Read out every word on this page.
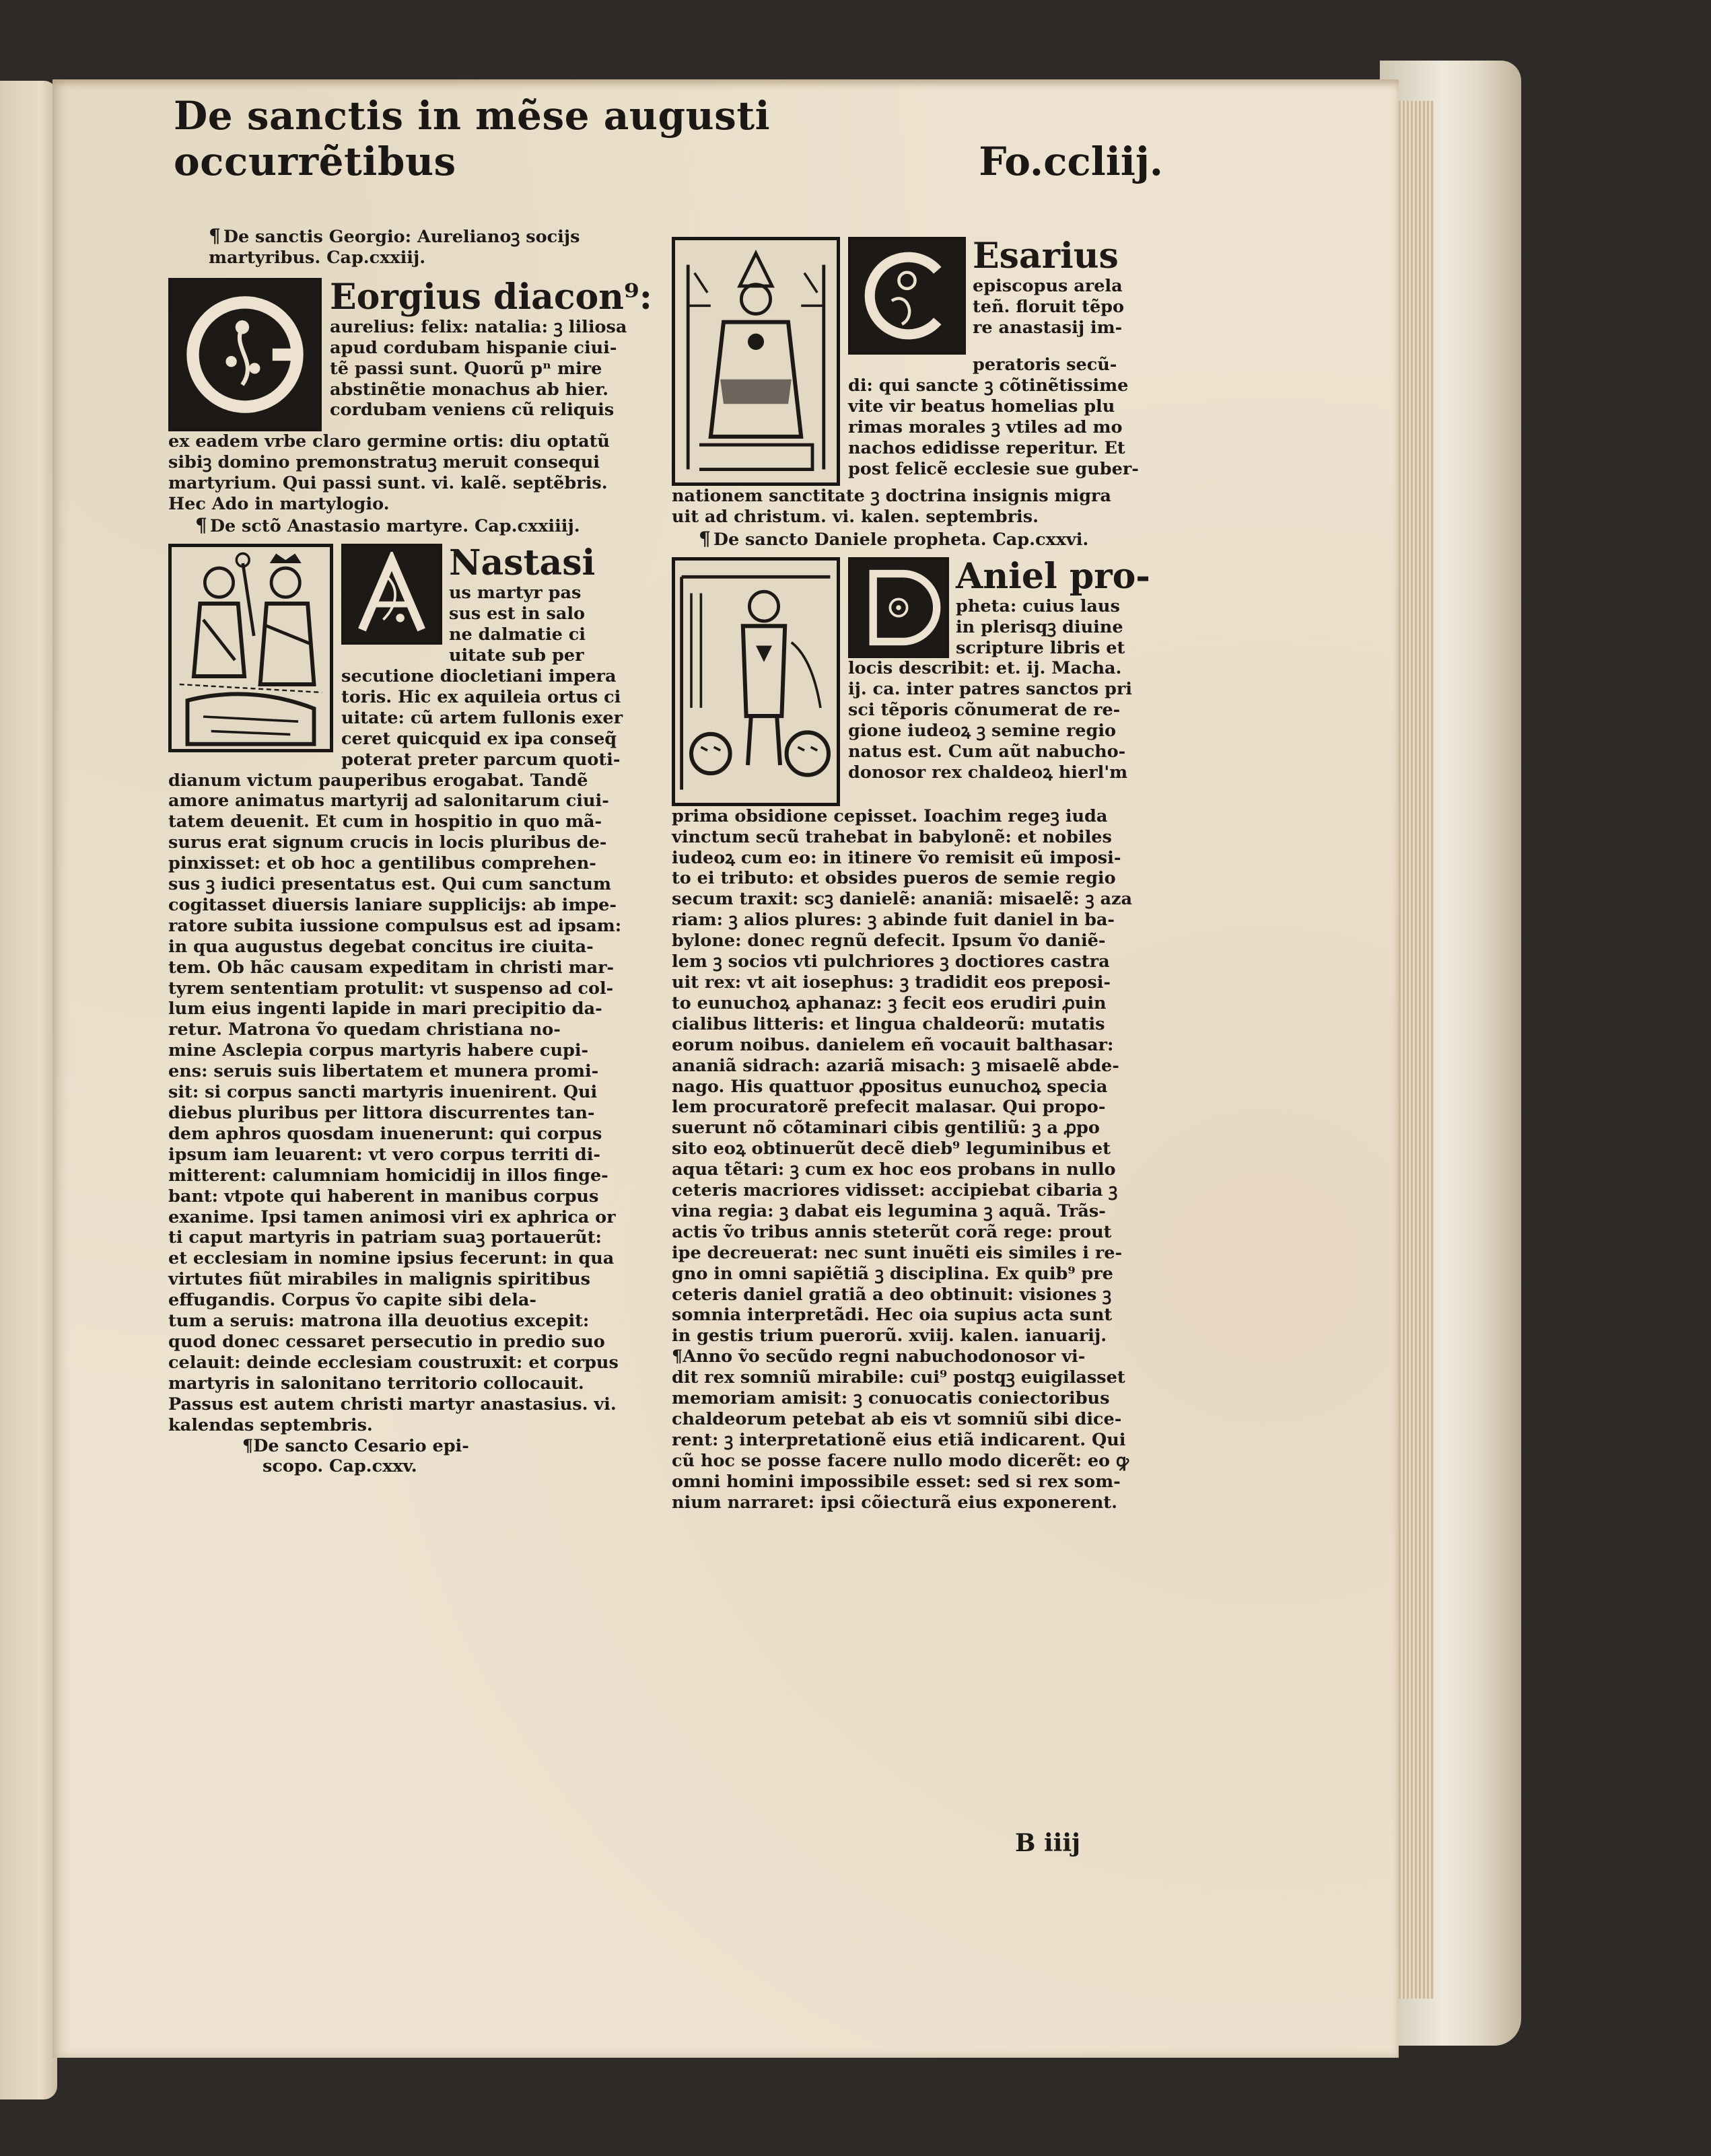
De sanctis in mẽse augusti occurrẽtibus	Fo.ccliij.

¶ De sanctis Georgio: Aurelianoꝫ socijs martyribus. Cap.cxxiij.

Eorgius diacon⁹:
aurelius: felix: natalia: ꝫ liliosa
apud cordubam hispanie ciui-
tẽ passi sunt. Quorũ pⁿ mire
abstinẽtie monachus ab hier.
cordubam veniens cũ reliquis
ex eadem vrbe claro germine ortis: diu optatũ
sibiꝫ domino premonstratuꝫ meruit consequi
martyrium. Qui passi sunt. vi. kalẽ. septẽbris.
Hec Ado in martylogio.

¶ De sctõ Anastasio martyre. Cap.cxxiiij.

Nastasi
us martyr pas
sus est in salo
ne dalmatie ci
uitate sub per
secutione diocletiani impera
toris. Hic ex aquileia ortus ci
uitate: cũ artem fullonis exer
ceret quicquid ex ipa conseq̃
poterat preter parcum quoti-
dianum victum pauperibus erogabat. Tandẽ
amore animatus martyrij ad salonitarum ciui-
tatem deuenit. Et cum in hospitio in quo mã-
surus erat signum crucis in locis pluribus de-
pinxisset: et ob hoc a gentilibus comprehen-
sus ꝫ iudici presentatus est. Qui cum sanctum
cogitasset diuersis laniare supplicijs: ab impe-
ratore subita iussione compulsus est ad ipsam:
in qua augustus degebat concitus ire ciuita-
tem. Ob hãc causam expeditam in christi mar-
tyrem sententiam protulit: vt suspenso ad col-
lum eius ingenti lapide in mari precipitio da-
retur. Matrona ṽo quedam christiana no-
mine Asclepia corpus martyris habere cupi-
ens: seruis suis libertatem et munera promi-
sit: si corpus sancti martyris inuenirent. Qui
diebus pluribus per littora discurrentes tan-
dem aphros quosdam inuenerunt: qui corpus
ipsum iam leuarent: vt vero corpus territi di-
mitterent: calumniam homicidij in illos finge-
bant: vtpote qui haberent in manibus corpus
exanime. Ipsi tamen animosi viri ex aphrica or
ti caput martyris in patriam suaꝫ portauerũt:
et ecclesiam in nomine ipsius fecerunt: in qua
virtutes fiũt mirabiles in malignis spiritibus
effugandis. Corpus ṽo capite sibi dela-
tum a seruis: matrona illa deuotius excepit:
quod donec cessaret persecutio in predio suo
celauit: deinde ecclesiam coustruxit: et corpus
martyris in salonitano territorio collocauit.
Passus est autem christi martyr anastasius. vi.
kalendas septembris.
¶De sancto Cesario epi-
scopo. Cap.cxxv.
Esarius
episcopus arela
teñ. floruit tẽpo
re anastasij im-
peratoris secũ-
di: qui sancte ꝫ cõtinẽtissime
vite vir beatus homelias plu
rimas morales ꝫ vtiles ad mo
nachos edidisse reperitur. Et
post felicẽ ecclesie sue guber-
nationem sanctitate ꝫ doctrina insignis migra
uit ad christum. vi. kalen. septembris.

¶ De sancto Daniele propheta. Cap.cxxvi.

Aniel pro-
pheta: cuius laus
in plerisqꝫ diuine
scripture libris et
locis describit: et. ij. Macha.
ij. ca. inter patres sanctos pri
sci tẽporis cõnumerat de re-
gione iudeoꝝ ꝫ semine regio
natus est. Cum aũt nabucho-
donosor rex chaldeoꝝ hierl'm
prima obsidione cepisset. Ioachim regeꝫ iuda
vinctum secũ trahebat in babylonẽ: et nobiles
iudeoꝝ cum eo: in itinere ṽo remisit eũ imposi-
to ei tributo: et obsides pueros de semie regio
secum traxit: scꝫ danielẽ: ananiã: misaelẽ: ꝫ aza
riam: ꝫ alios plures: ꝫ abinde fuit daniel in ba-
bylone: donec regnũ defecit. Ipsum ṽo daniẽ-
lem ꝫ socios vti pulchriores ꝫ doctiores castra
uit rex: vt ait iosephus: ꝫ tradidit eos preposi-
to eunuchoꝝ aphanaz: ꝫ fecit eos erudiri ꝓuin
cialibus litteris: et lingua chaldeorũ: mutatis
eorum noibus. danielem eñ vocauit balthasar:
ananiã sidrach: azariã misach: ꝫ misaelẽ abde-
nago. His quattuor ꝓpositus eunuchoꝝ specia
lem procuratorẽ prefecit malasar. Qui propo-
suerunt nõ cõtaminari cibis gentiliũ: ꝫ a ꝓpo
sito eoꝝ obtinuerũt decẽ dieb⁹ leguminibus et
aqua tẽtari: ꝫ cum ex hoc eos probans in nullo
ceteris macriores vidisset: accipiebat cibaria ꝫ
vina regia: ꝫ dabat eis legumina ꝫ aquã. Trãs-
actis ṽo tribus annis steterũt corã rege: prout
ipe decreuerat: nec sunt inuẽti eis similes i re-
gno in omni sapiẽtiã ꝫ disciplina. Ex quib⁹ pre
ceteris daniel gratiã a deo obtinuit: visiones ꝫ
somnia interpretãdi. Hec oia supius acta sunt
in gestis trium puerorũ. xviij. kalen. ianuarij.
¶Anno ṽo secũdo regni nabuchodonosor vi-
dit rex somniũ mirabile: cui⁹ postqꝫ euigilasset
memoriam amisit: ꝫ conuocatis coniectoribus
chaldeorum petebat ab eis vt somniũ sibi dice-
rent: ꝫ interpretationẽ eius etiã indicarent. Qui
cũ hoc se posse facere nullo modo dicerẽt: eo ꝙ
omni homini impossibile esset: sed si rex som-
nium narraret: ipsi cõiecturã eius exponerent.
B iiij
